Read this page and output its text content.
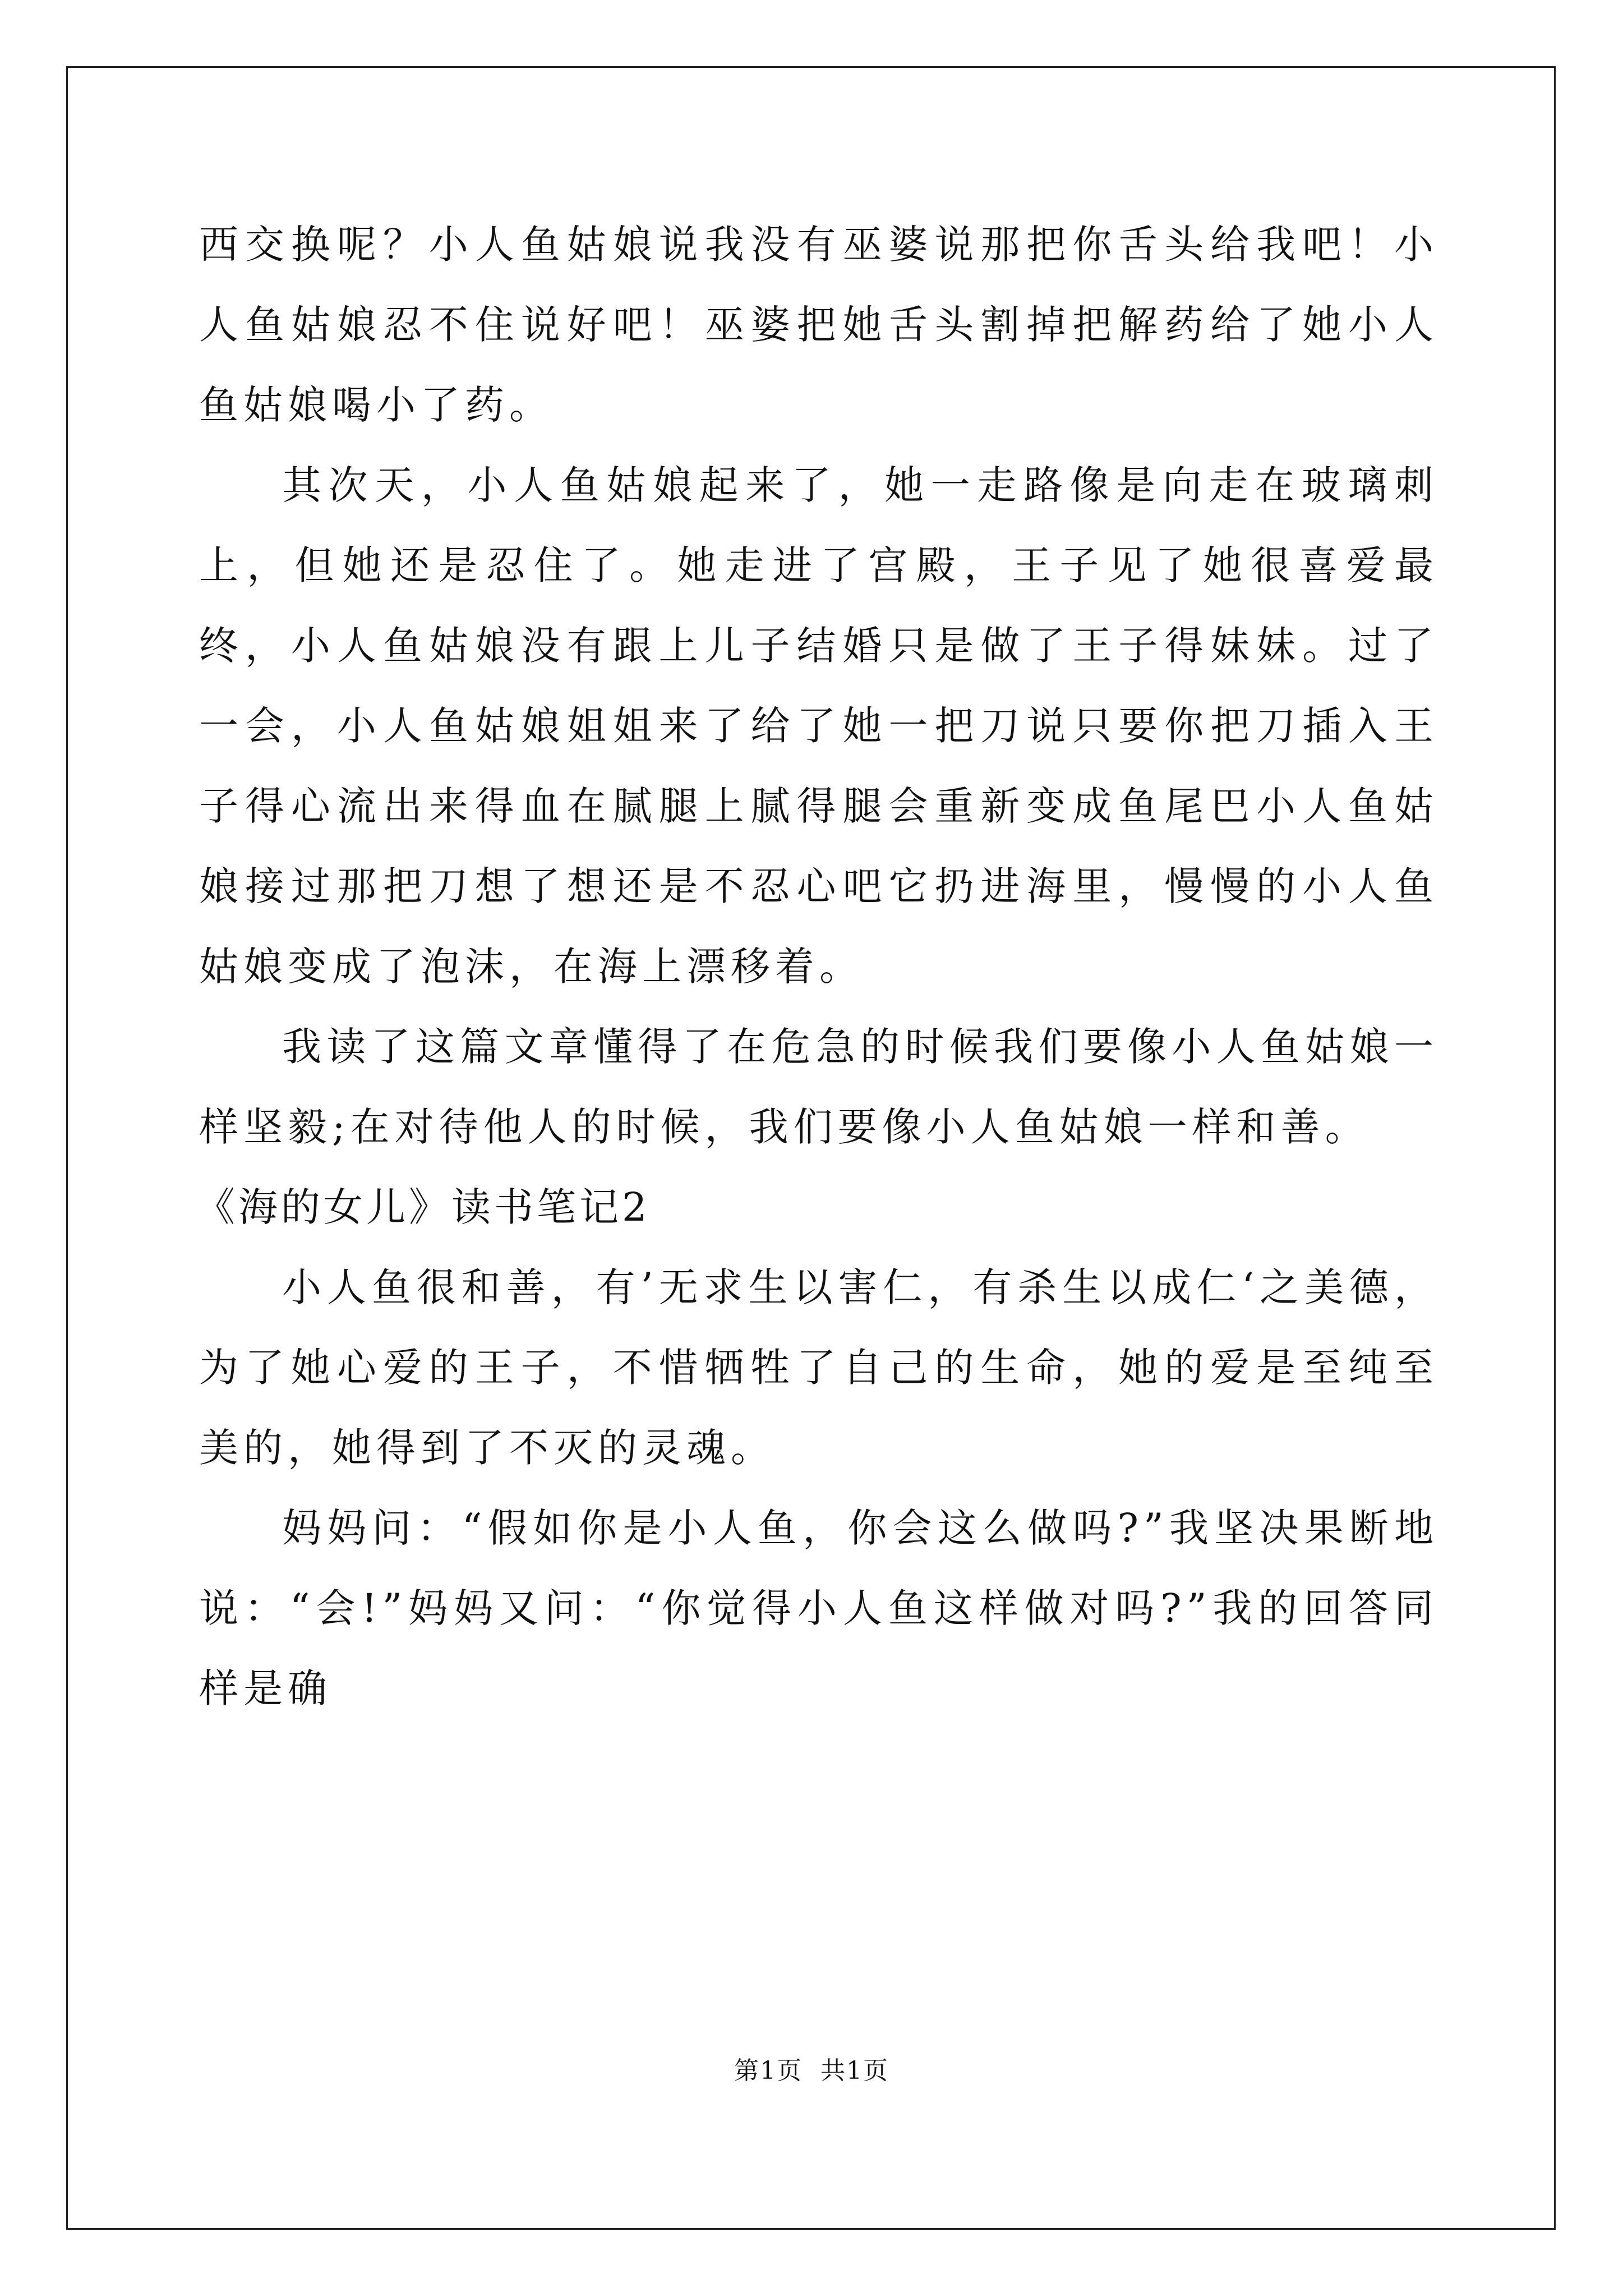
西交换呢？小人鱼姑娘说我没有巫婆说那把你舌头给我吧！小人鱼姑娘忍不住说好吧！巫婆把她舌头割掉把解药给了她小人鱼姑娘喝小了药。

其次天，小人鱼姑娘起来了，她一走路像是向走在玻璃刺上，但她还是忍住了。她走进了宫殿，王子见了她很喜爱最终，小人鱼姑娘没有跟上儿子结婚只是做了王子得妹妹。过了一会，小人鱼姑娘姐姐来了给了她一把刀说只要你把刀插入王子得心流出来得血在腻腿上腻得腿会重新变成鱼尾巴小人鱼姑娘接过那把刀想了想还是不忍心吧它扔进海里，慢慢的小人鱼姑娘变成了泡沫，在海上漂移着。

我读了这篇文章懂得了在危急的时候我们要像小人鱼姑娘一样坚毅;在对待他人的时候，我们要像小人鱼姑娘一样和善。

《海的女儿》读书笔记2

小人鱼很和善，有’无求生以害仁，有杀生以成仁‘之美德，为了她心爱的王子，不惜牺牲了自己的生命，她的爱是至纯至美的，她得到了不灭的灵魂。

妈妈问：“假如你是小人鱼，你会这么做吗?”我坚决果断地说：“会!”妈妈又问：“你觉得小人鱼这样做对吗?”我的回答同样是确

第1页 共1页
